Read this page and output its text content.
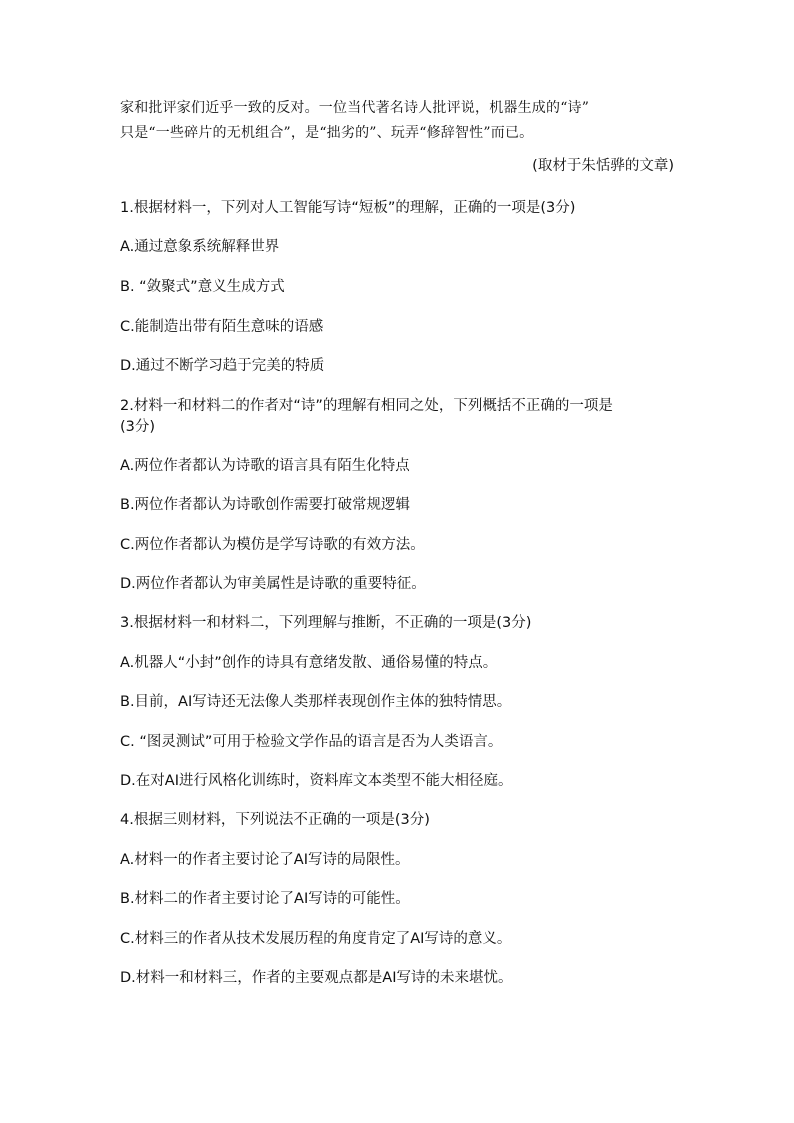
家和批评家们近乎一致的反对。一位当代著名诗人批评说，机器生成的“诗”

只是“一些碎片的无机组合”，是“拙劣的”、玩弄“修辞智性”而已。

(取材于朱恬骅的文章)
1.根据材料一，下列对人工智能写诗“短板”的理解，正确的一项是(3分)
A.通过意象系统解释世界
B. “敛聚式”意义生成方式
C.能制造出带有陌生意味的语感
D.通过不断学习趋于完美的特质
2.材料一和材料二的作者对“诗”的理解有相同之处，下列概括不正确的一项是
(3分)
A.两位作者都认为诗歌的语言具有陌生化特点
B.两位作者都认为诗歌创作需要打破常规逻辑
C.两位作者都认为模仿是学写诗歌的有效方法。
D.两位作者都认为审美属性是诗歌的重要特征。
3.根据材料一和材料二，下列理解与推断，不正确的一项是(3分)
A.机器人“小封”创作的诗具有意绪发散、通俗易懂的特点。
B.目前，AI写诗还无法像人类那样表现创作主体的独特情思。
C. “图灵测试”可用于检验文学作品的语言是否为人类语言。
D.在对AI进行风格化训练时，资料库文本类型不能大相径庭。
4.根据三则材料，下列说法不正确的一项是(3分)
A.材料一的作者主要讨论了AI写诗的局限性。
B.材料二的作者主要讨论了AI写诗的可能性。
C.材料三的作者从技术发展历程的角度肯定了AI写诗的意义。
D.材料一和材料三，作者的主要观点都是AI写诗的未来堪忧。
